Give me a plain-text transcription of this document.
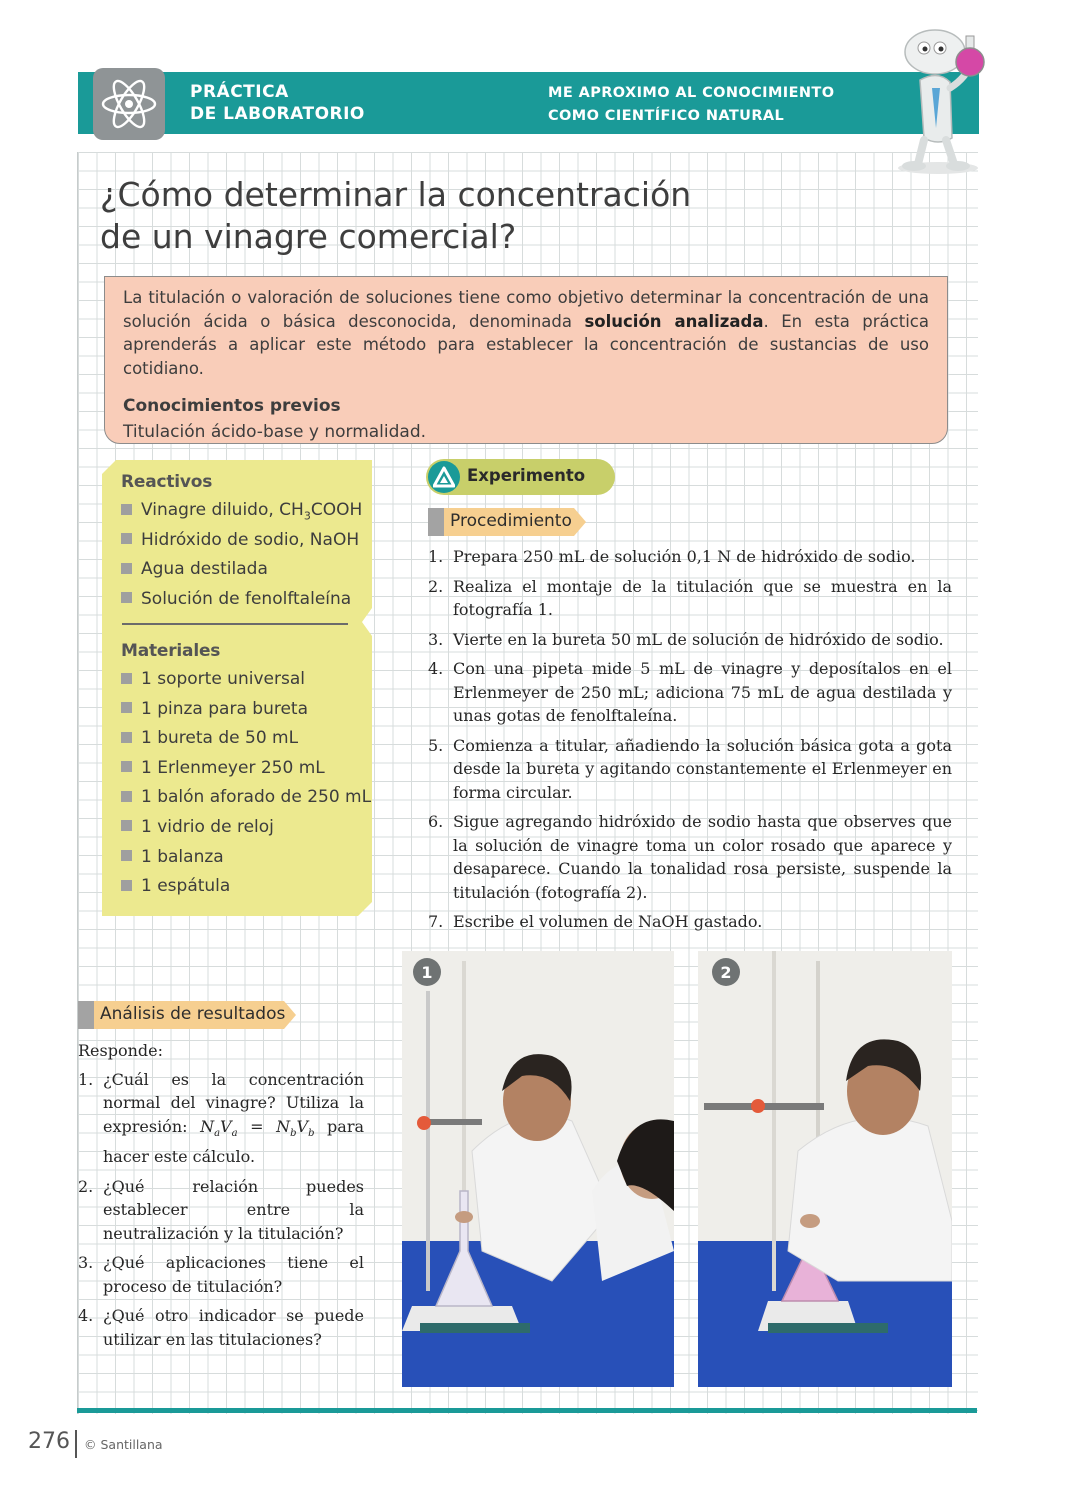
PRÁCTICA
DE LABORATORIO
ME APROXIMO AL CONOCIMIENTO
COMO CIENTÍFICO NATURAL
¿Cómo determinar la concentración
de un vinagre comercial?

La titulación o valoración de soluciones tiene como objetivo determinar la concentración de una solución ácida o básica desconocida, denominada solución analizada. En esta práctica aprenderás a aplicar este método para establecer la concentración de sustancias de uso cotidiano.

Conocimientos previos
Titulación ácido-base y normalidad.
Reactivos
Vinagre diluido, $CH_3COOH$
Hidróxido de sodio, NaOH
Agua destilada
Solución de fenolftaleína
Materiales
1 soporte universal
1 pinza para bureta
1 bureta de 50 mL
1 Erlenmeyer 250 mL
1 balón aforado de 250 mL
1 vidrio de reloj
1 balanza
1 espátula
Experimento
Procedimiento
1. Prepara 250 mL de solución 0,1 N de hidróxido de sodio.
2. Realiza el montaje de la titulación que se muestra en la fotografía 1.
3. Vierte en la bureta 50 mL de solución de hidróxido de sodio.
4. Con una pipeta mide 5 mL de vinagre y deposítalos en el Erlenmeyer de 250 mL; adiciona 75 mL de agua destilada y unas gotas de fenolftaleína.
5. Comienza a titular, añadiendo la solución básica gota a gota desde la bureta y agitando constantemente el Erlenmeyer en forma circular.
6. Sigue agregando hidróxido de sodio hasta que observes que la solución de vinagre toma un color rosado que aparece y desaparece. Cuando la tonalidad rosa persiste, suspende la titulación (fotografía 2).
7. Escribe el volumen de NaOH gastado.
Análisis de resultados
Responde:
1. ¿Cuál es la concentración normal del vinagre? Utiliza la expresión: $N_aV_a = N_bV_b$ para hacer este cálculo.
2. ¿Qué relación puedes establecer entre la neutralización y la titulación?
3. ¿Qué aplicaciones tiene el proceso de titulación?
4. ¿Qué otro indicador se puede utilizar en las titulaciones?
1	2
276 © Santillana
